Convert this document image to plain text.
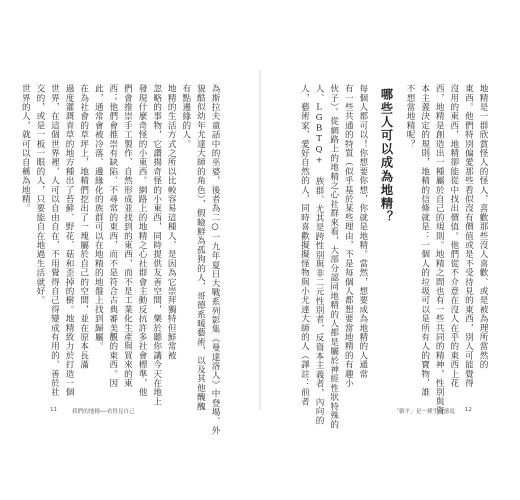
為斯拉夫童話中的巫婆，後者為二○一九年夏日大戰系列影集《曼達洛人》中登場、外
貌酷似幼年尤達大師的角色），假瞼鮮為孤狗的人，哥德系暖藝術，以及其他醜醜
有點邊緣的人。

地精的生活方式之所以比較容易這種人，是因為它崇拜獨特但鮮常被
忽略的事物，它讚揚奇怪的小東西，同時提供友善空間，樂於聽你講今天在地上
發現什麼奇怪的小東西。網路上的地精之心社群會主動反抗許多社會標準，他
們會推崇手工製作、自然形成並找到的東西，而不是工業化生產與買來的東
西；他們會推崇有缺陷、不尋常的東西，而不是符合古典審美觀的東西。因
此，通常會被冷落、邊緣化的族群可以在地精的地盤上找到歸屬。

在為社會的草坪上，地精們挖出了一塊屬於自己的空間，並在原本長滿
過度灌溉青草的地方種出了苔蘚、野花、菇和歪掉的樹。地精致力於打造一個
世界，在這個世界裡，人可以自由自在，不用覺得自己得變成有用的、善於社
交的，或是一板一眼的人，只要能自在地過生活就好。

世界的人，就可以自稱為地精。

11	我們的地精──看得見自己

地精是一群欣賞怪人的怪人，喜歡那些沒人喜歡、或是被為理所當然的
東西。他們特別偏愛那些看似沒有價值或是不受待見的東西，別人可能覺得
沒用的東西，地精卻能從中找出價值。他們從不介意在沒人在乎的東西上花
西，地精是創造出一種屬於自己的規則。地精之間也有一些共同的精神，性別與資
本主義決定的規則，地精的信條就是：一個人的垃圾可以是所有人的寶物，誰
不想當地精呢？

哪些人可以成為地精？

每個人都可以！你想要你想，你就是地精。當然，想要成為地精的人通常
有一些共通的特質（似乎基於某些理由，不是每個人都想要當地精的有趣小
伙子）。從網路上的地精之心社群來看，大部分認同地精的人都是屬於神經性狀特殊的
人、LGBTQ+ 族群、尤其是跨性別與非二元性別者，反資本主義者，內向的
人，藝術家，愛好自然的人，同時喜歡擬擬怪物與小尤達大師的人（譯註：前者

「躺平」是一種生活態度 12
